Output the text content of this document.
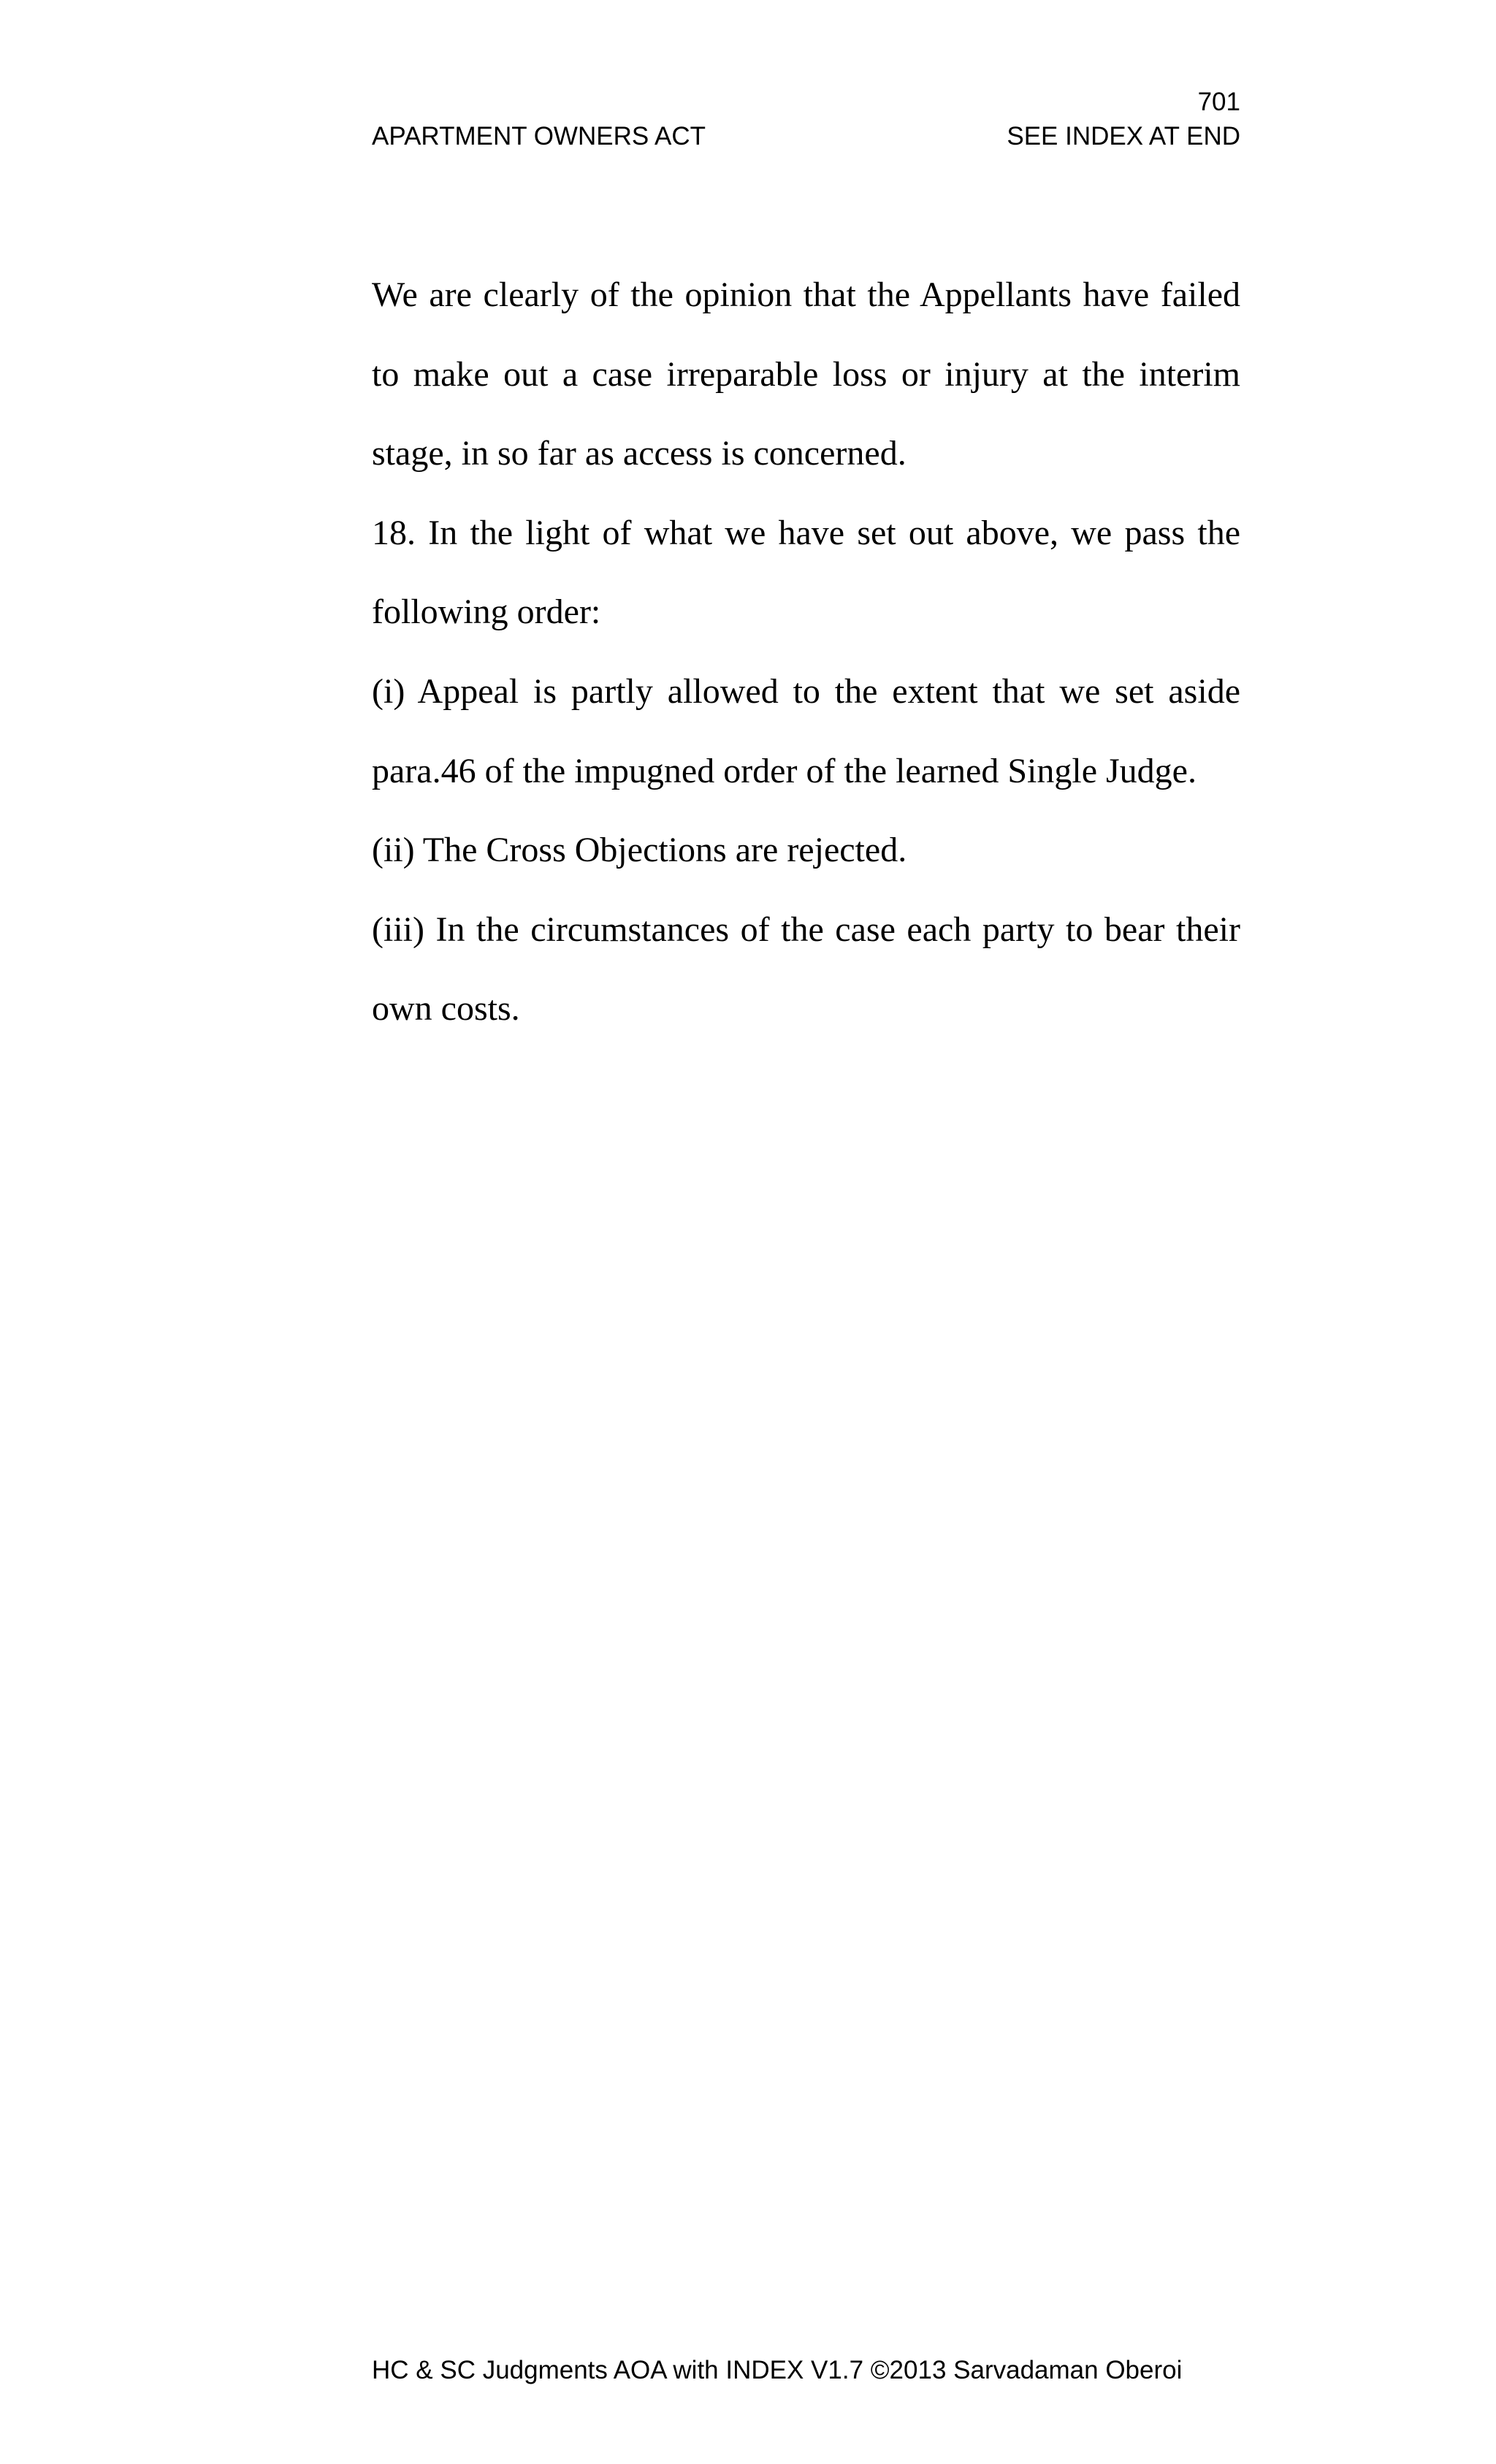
701
APARTMENT OWNERS ACT	SEE INDEX AT END

We are clearly of the opinion that the Appellants have failed to make out a case irreparable loss or injury at the interim stage, in so far as access is concerned.

18. In the light of what we have set out above, we pass the following order:

(i) Appeal is partly allowed to the extent that we set aside para.46 of the impugned order of the learned Single Judge.

(ii) The Cross Objections are rejected.

(iii) In the circumstances of the case each party to bear their own costs.

HC & SC Judgments AOA with INDEX V1.7 ©2013 Sarvadaman Oberoi
